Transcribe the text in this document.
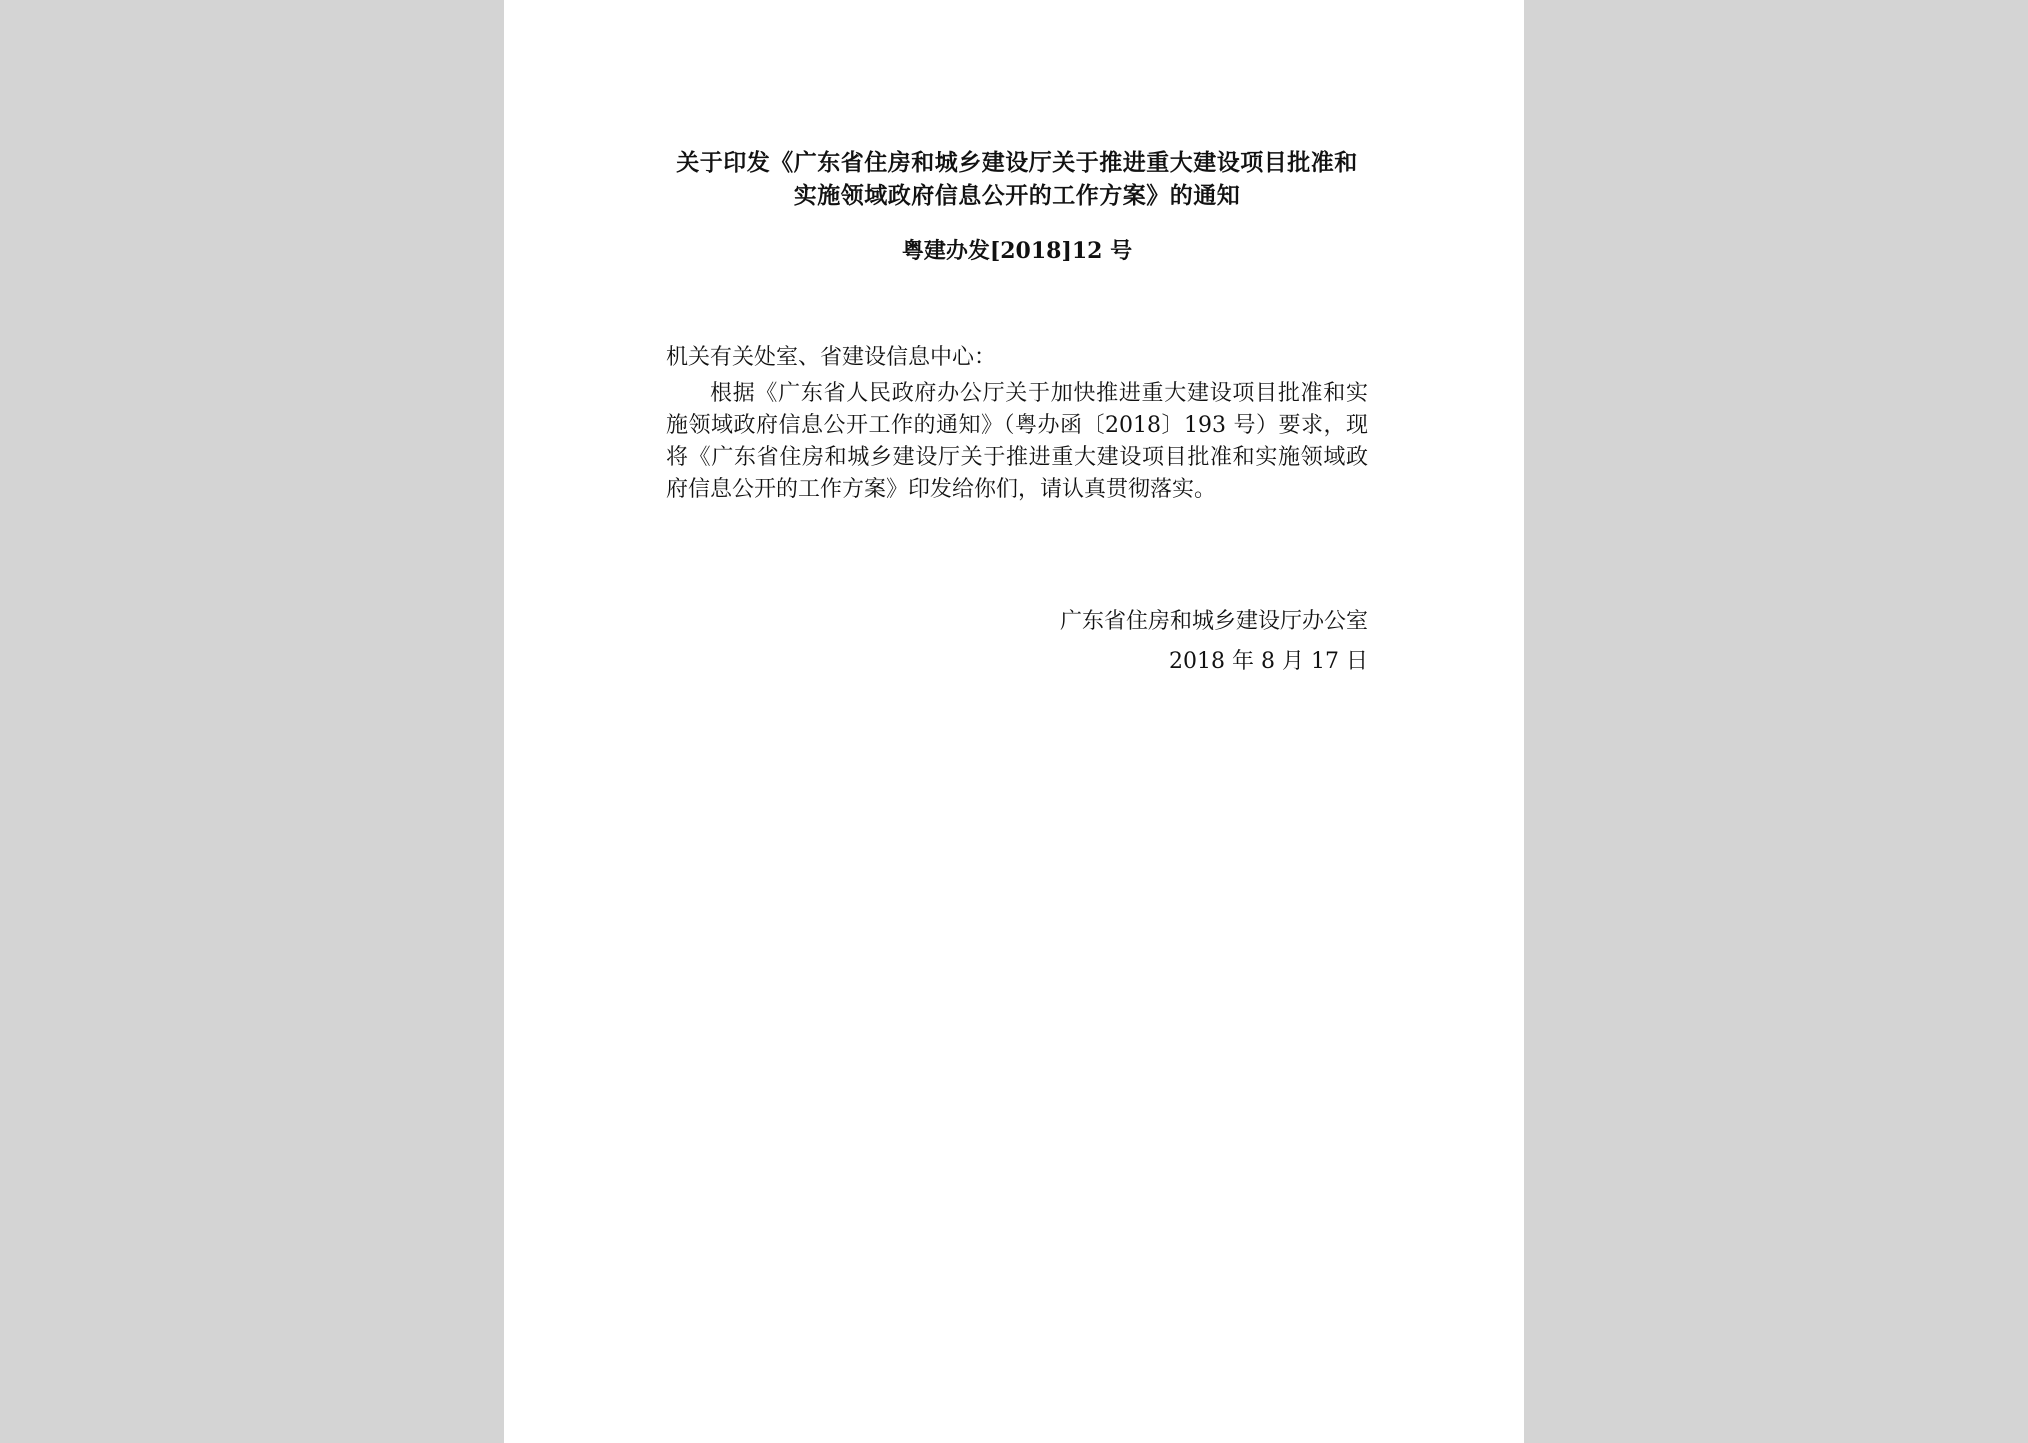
关于印发《广东省住房和城乡建设厅关于推进重大建设项目批准和
实施领域政府信息公开的工作方案》的通知

粤建办发[2018]12 号

机关有关处室、省建设信息中心：

根据《广东省人民政府办公厅关于加快推进重大建设项目批准和实施领域政府信息公开工作的通知》（粤办函〔2018〕193 号）要求，现将《广东省住房和城乡建设厅关于推进重大建设项目批准和实施领域政府信息公开的工作方案》印发给你们，请认真贯彻落实。

广东省住房和城乡建设厅办公室
2018 年 8 月 17 日
